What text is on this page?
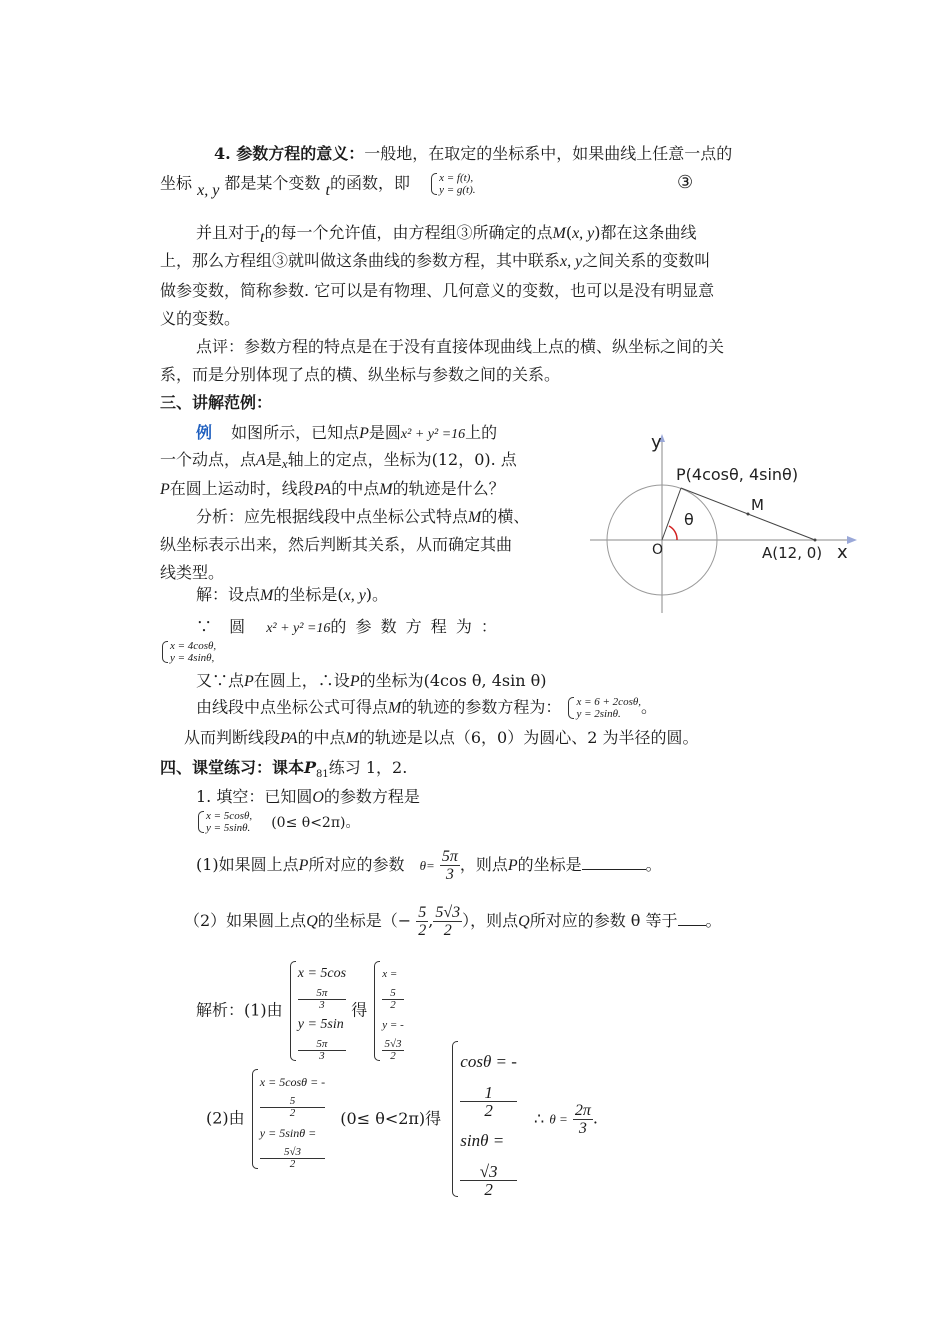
4. 参数方程的意义：一般地，在取定的坐标系中，如果曲线上任意一点的
坐标 x, y 都是某个变数 t的函数，即	x = f(t),
y = g(t).	③
并且对于t的每一个允许值，由方程组③所确定的点M(x, y)都在这条曲线
上，那么方程组③就叫做这条曲线的参数方程，其中联系x, y之间关系的变数叫
做参变数，简称参数. 它可以是有物理、几何意义的变数，也可以是没有明显意
义的变数。
点评：参数方程的特点是在于没有直接体现曲线上点的横、纵坐标之间的关
系，而是分别体现了点的横、纵坐标与参数之间的关系。
三、讲解范例：
例 如图所示，已知点P是圆x² + y² =16上的
一个动点，点A是x轴上的定点，坐标为(12，0). 点
P在圆上运动时，线段PA的中点M的轨迹是什么？
分析：应先根据线段中点坐标公式特点M的横、
纵坐标表示出来，然后判断其关系，从而确定其曲
线类型。
解：设点M的坐标是(x, y)。
∵ 圆 x² + y² =16的 参 数 方 程 为 ：
x = 4cosθ,
y = 4sinθ,
又∵点P在圆上，∴设P的坐标为(4cos θ, 4sin θ)
由线段中点坐标公式可得点M的轨迹的参数方程为： x = 6 + 2cosθ,
y = 2sinθ.	。
从而判断线段PA的中点M的轨迹是以点（6，0）为圆心、2 为半径的圆。
y
x
O
P(4cosθ, 4sinθ)
M
θ
A(12, 0)
四、课堂练习：课本$P_{81}$练习 1，2.
1. 填空：已知圆O的参数方程是
x = 5cosθ,
y = 5sinθ. (0≤ θ<2π)。
(1)如果圆上点P所对应的参数 $\theta= \frac{5\pi}{3}$ ，则点P的坐标是	。
（2）如果圆上点Q的坐标是（− $\frac{5}{2}$ , $\frac{5√3}{2}$ ），则点Q所对应的参数 θ 等于 。
解析：(1)由
x = 5cos
5π
3
y = 5sin
5π
3
得
x =
5
2
y = -
5√3
2
(2)由
x = 5cosθ = -
5
2
y = 5sinθ =
5√3
2
(0≤ θ<2π)得
cosθ = -
1
2
sinθ =
√3
2
∴ $\theta = \frac{2\pi}{3}$ .
